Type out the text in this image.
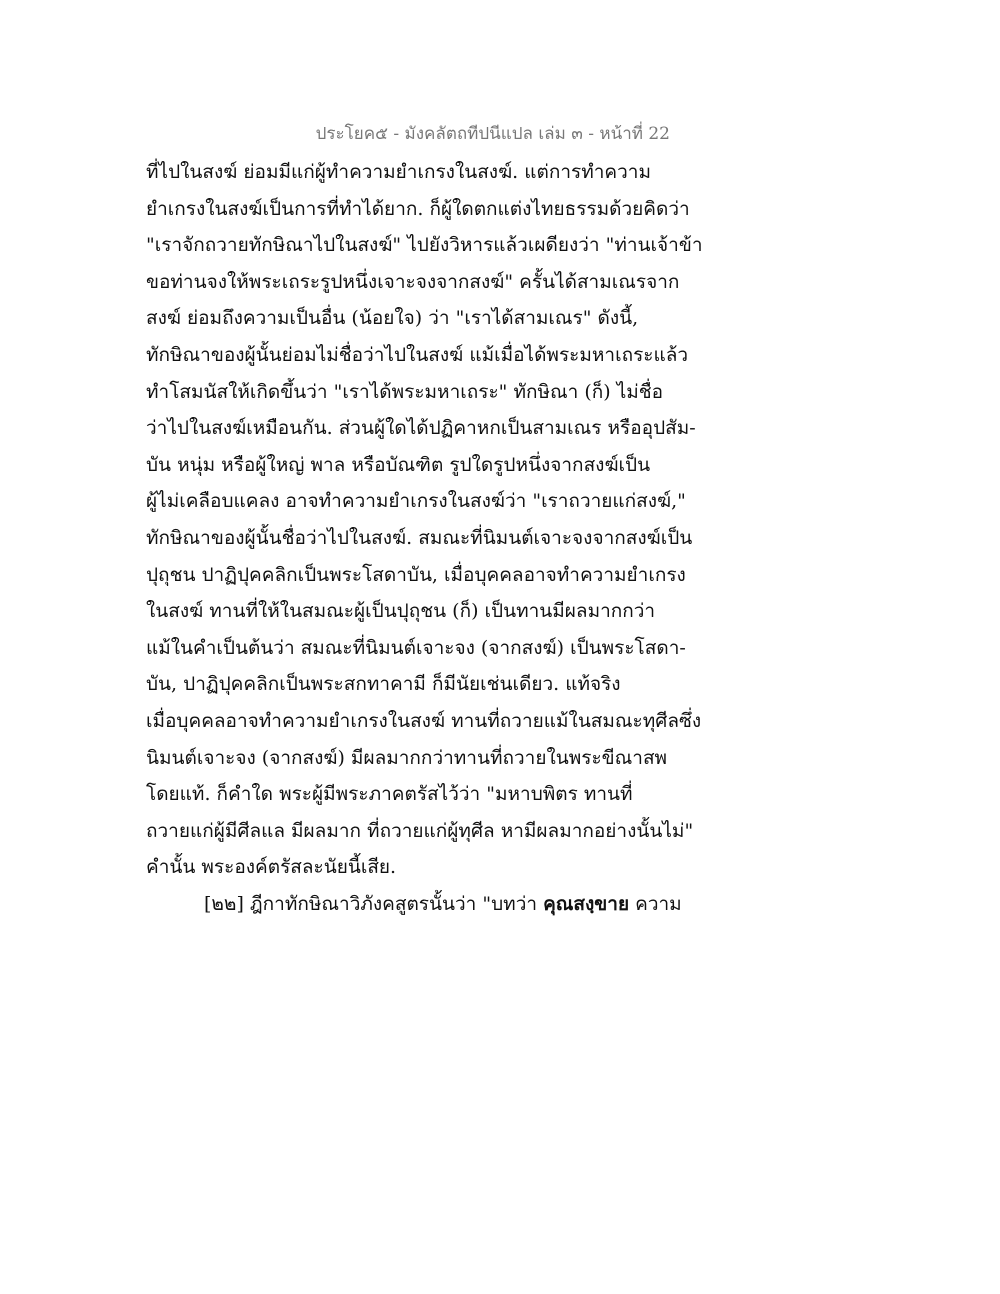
ประโยค๕ - มังคลัตถทีปนีแปล เล่ม ๓ - หน้าที่ 22
ที่ไปในสงฆ์ ย่อมมีแก่ผู้ทำความยำเกรงในสงฆ์. แต่การทำความ
ยำเกรงในสงฆ์เป็นการที่ทำได้ยาก. ก็ผู้ใดตกแต่งไทยธรรมด้วยคิดว่า
"เราจักถวายทักษิณาไปในสงฆ์" ไปยังวิหารแล้วเผดียงว่า "ท่านเจ้าข้า
ขอท่านจงให้พระเถระรูปหนึ่งเจาะจงจากสงฆ์" ครั้นได้สามเณรจาก
สงฆ์ ย่อมถึงความเป็นอื่น (น้อยใจ) ว่า "เราได้สามเณร" ดังนี้,
ทักษิณาของผู้นั้นย่อมไม่ชื่อว่าไปในสงฆ์ แม้เมื่อได้พระมหาเถระแล้ว
ทำโสมนัสให้เกิดขึ้นว่า "เราได้พระมหาเถระ" ทักษิณา (ก็) ไม่ชื่อ
ว่าไปในสงฆ์เหมือนกัน. ส่วนผู้ใดได้ปฏิคาหกเป็นสามเณร หรืออุปสัม-
บัน หนุ่ม หรือผู้ใหญ่ พาล หรือบัณฑิต รูปใดรูปหนึ่งจากสงฆ์เป็น
ผู้ไม่เคลือบแคลง อาจทำความยำเกรงในสงฆ์ว่า "เราถวายแก่สงฆ์,"
ทักษิณาของผู้นั้นชื่อว่าไปในสงฆ์. สมณะที่นิมนต์เจาะจงจากสงฆ์เป็น
ปุถุชน ปาฏิปุคคลิกเป็นพระโสดาบัน, เมื่อบุคคลอาจทำความยำเกรง
ในสงฆ์ ทานที่ให้ในสมณะผู้เป็นปุถุชน (ก็) เป็นทานมีผลมากกว่า
แม้ในคำเป็นต้นว่า สมณะที่นิมนต์เจาะจง (จากสงฆ์) เป็นพระโสดา-
บัน, ปาฏิปุคคลิกเป็นพระสกทาคามี ก็มีนัยเช่นเดียว. แท้จริง
เมื่อบุคคลอาจทำความยำเกรงในสงฆ์ ทานที่ถวายแม้ในสมณะทุศีลซึ่ง
นิมนต์เจาะจง (จากสงฆ์) มีผลมากกว่าทานที่ถวายในพระขีณาสพ
โดยแท้. ก็คำใด พระผู้มีพระภาคตรัสไว้ว่า "มหาบพิตร ทานที่
ถวายแก่ผู้มีศีลแล มีผลมาก ที่ถวายแก่ผู้ทุศีล หามีผลมากอย่างนั้นไม่"
คำนั้น พระองค์ตรัสละนัยนี้เสีย.
[๒๒] ฎีกาทักษิณาวิภังคสูตรนั้นว่า "บทว่า คุณสงฺขาย ความ
